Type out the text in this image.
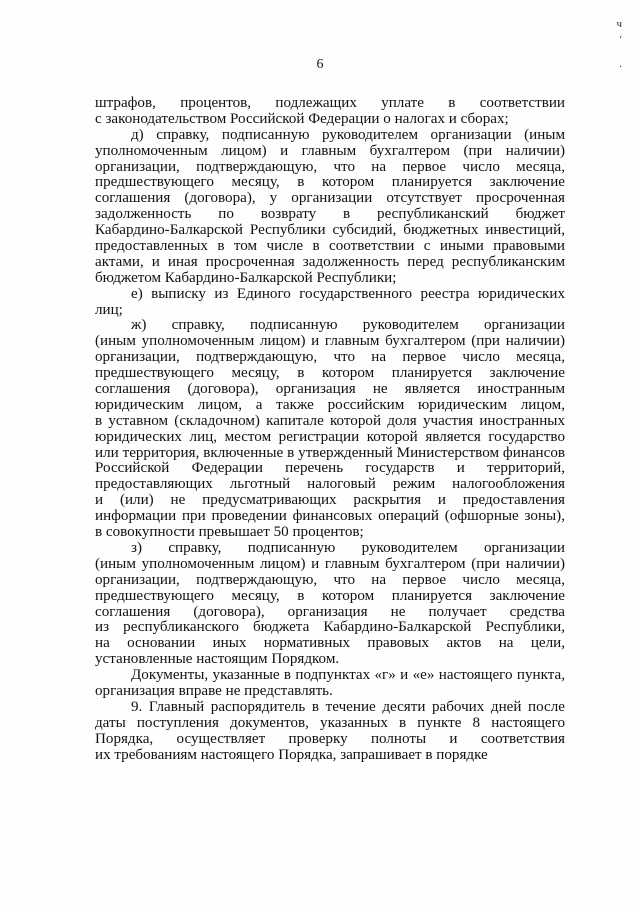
6
ч
ʹ
.
штрафов, процентов, подлежащих уплате в соответствии
с законодательством Российской Федерации о налогах и сборах;
д) справку, подписанную руководителем организации (иным
уполномоченным лицом) и главным бухгалтером (при наличии)
организации, подтверждающую, что на первое число месяца,
предшествующего месяцу, в котором планируется заключение
соглашения (договора), у организации отсутствует просроченная
задолженность по возврату в республиканский бюджет
Кабардино-Балкарской Республики субсидий, бюджетных инвестиций,
предоставленных в том числе в соответствии с иными правовыми
актами, и иная просроченная задолженность перед республиканским
бюджетом Кабардино-Балкарской Республики;
е) выписку из Единого государственного реестра юридических
лиц;
ж) справку, подписанную руководителем организации
(иным уполномоченным лицом) и главным бухгалтером (при наличии)
организации, подтверждающую, что на первое число месяца,
предшествующего месяцу, в котором планируется заключение
соглашения (договора), организация не является иностранным
юридическим лицом, а также российским юридическим лицом,
в уставном (складочном) капитале которой доля участия иностранных
юридических лиц, местом регистрации которой является государство
или территория, включенные в утвержденный Министерством финансов
Российской Федерации перечень государств и территорий,
предоставляющих льготный налоговый режим налогообложения
и (или) не предусматривающих раскрытия и предоставления
информации при проведении финансовых операций (офшорные зоны),
в совокупности превышает 50 процентов;
з) справку, подписанную руководителем организации
(иным уполномоченным лицом) и главным бухгалтером (при наличии)
организации, подтверждающую, что на первое число месяца,
предшествующего месяцу, в котором планируется заключение
соглашения (договора), организация не получает средства
из республиканского бюджета Кабардино-Балкарской Республики,
на основании иных нормативных правовых актов на цели,
установленные настоящим Порядком.
Документы, указанные в подпунктах «г» и «е» настоящего пункта,
организация вправе не представлять.
9. Главный распорядитель в течение десяти рабочих дней после
даты поступления документов, указанных в пункте 8 настоящего
Порядка, осуществляет проверку полноты и соответствия
их требованиям настоящего Порядка, запрашивает в порядке
